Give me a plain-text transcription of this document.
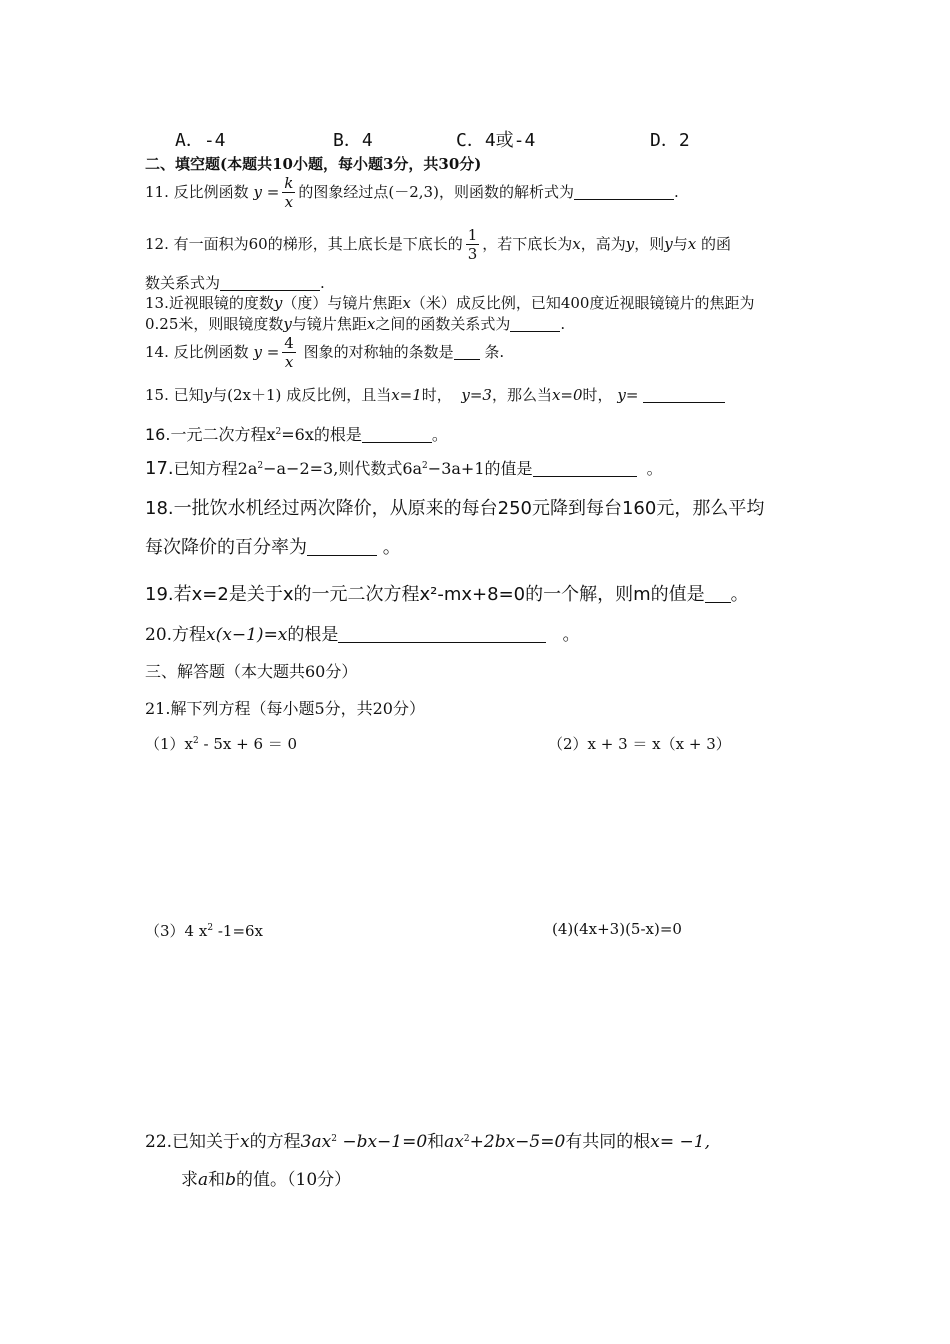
A．-4	B．4	C．4或-4	D．2
二、填空题(本题共10小题，每小题3分，共30分)
11. 反比例函数 $y = \frac{k}{x}$ 的图象经过点(－2,3)，则函数的解析式为	.
12. 有一面积为60的梯形，其上底长是下底长的 $\frac{1}{3}$ ，若下底长为x，高为y，则y与x 的函
数关系式为	.
13.近视眼镜的度数y（度）与镜片焦距x（米）成反比例，已知400度近视眼镜镜片的焦距为
0.25米，则眼镜度数y与镜片焦距x之间的函数关系式为	.
14. 反比例函数 $y = \frac{4}{x}$ 图象的对称轴的条数是 条.
15. 已知y与(2x＋1) 成反比例，且当x=1时， y=3，那么当x=0时， y=
16.一元二次方程$x^2=6x$的根是	。
17.已知方程$2a^2-a-2=3$,则代数式$6a^2-3a+1$的值是	。
18.一批饮水机经过两次降价，从原来的每台250元降到每台160元，那么平均
每次降价的百分率为	。
19.若x=2是关于x的一元二次方程x²-mx+8=0的一个解，则m的值是 。
20.方程x(x−1)=x的根是	。
三、解答题（本大题共60分）
21.解下列方程（每小题5分，共20分）
$(1)x^2 - 5x + 6 = 0$	（2）x + 3 ＝ x（x + 3）
（3）4 $x^2$ -1=6x	(4)(4x+3)(5-x)=0
22.已知关于x的方程$3ax^2 -bx-1=0$和$ax^2+2bx-5=0$有共同的根x= −1,
求a和b的值。（10分）
